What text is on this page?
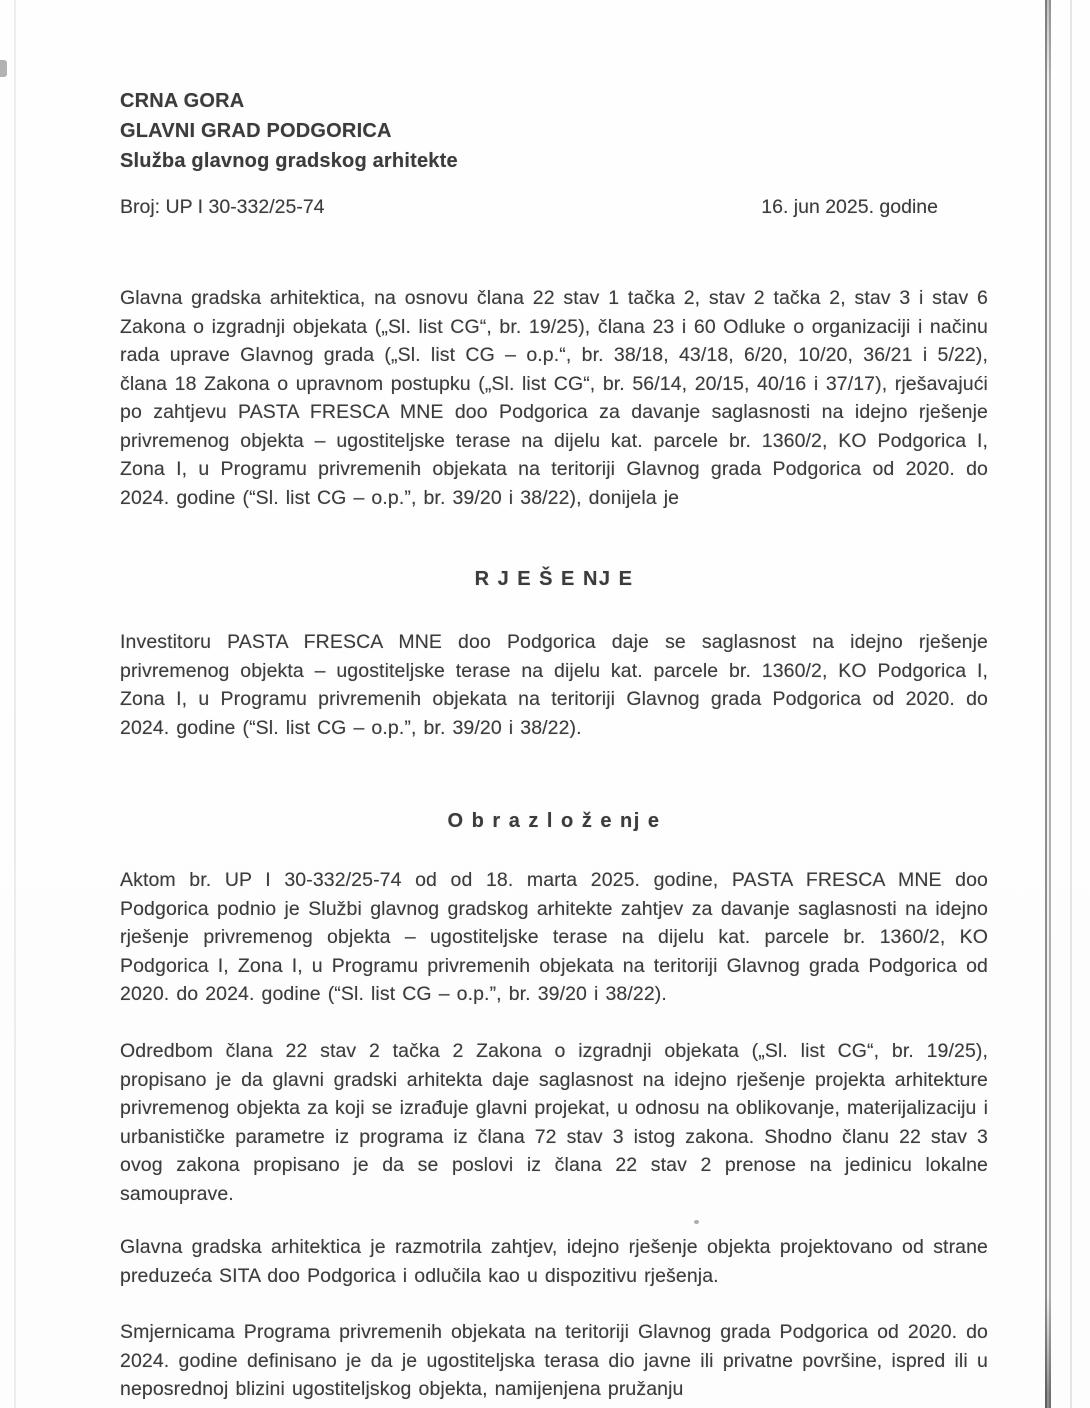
CRNA GORA
GLAVNI GRAD PODGORICA
Služba glavnog gradskog arhitekte
Broj: UP I 30-332/25-74	16. jun 2025. godine

Glavna gradska arhitektica, na osnovu člana 22 stav 1 tačka 2, stav 2 tačka 2, stav 3 i stav 6 Zakona o izgradnji objekata („Sl. list CG“, br. 19/25), člana 23 i 60 Odluke o organizaciji i načinu rada uprave Glavnog grada („Sl. list CG – o.p.“, br. 38/18, 43/18, 6/20, 10/20, 36/21 i 5/22), člana 18 Zakona o upravnom postupku („Sl. list CG“, br. 56/14, 20/15, 40/16 i 37/17), rješavajući po zahtjevu PASTA FRESCA MNE doo Podgorica za davanje saglasnosti na idejno rješenje privremenog objekta – ugostiteljske terase na dijelu kat. parcele br. 1360/2, KO Podgorica I, Zona I, u Programu privremenih objekata na teritoriji Glavnog grada Podgorica od 2020. do 2024. godine (“Sl. list CG – o.p.”, br. 39/20 i 38/22), donijela je

R J E Š E NJ E

Investitoru PASTA FRESCA MNE doo Podgorica daje se saglasnost na idejno rješenje privremenog objekta – ugostiteljske terase na dijelu kat. parcele br. 1360/2, KO Podgorica I, Zona I, u Programu privremenih objekata na teritoriji Glavnog grada Podgorica od 2020. do 2024. godine (“Sl. list CG – o.p.”, br. 39/20 i 38/22).

O b r a z l o ž e nj e

Aktom br. UP I 30-332/25-74 od od 18. marta 2025. godine, PASTA FRESCA MNE doo Podgorica podnio je Službi glavnog gradskog arhitekte zahtjev za davanje saglasnosti na idejno rješenje privremenog objekta – ugostiteljske terase na dijelu kat. parcele br. 1360/2, KO Podgorica I, Zona I, u Programu privremenih objekata na teritoriji Glavnog grada Podgorica od 2020. do 2024. godine (“Sl. list CG – o.p.”, br. 39/20 i 38/22).

Odredbom člana 22 stav 2 tačka 2 Zakona o izgradnji objekata („Sl. list CG“, br. 19/25), propisano je da glavni gradski arhitekta daje saglasnost na idejno rješenje projekta arhitekture privremenog objekta za koji se izrađuje glavni projekat, u odnosu na oblikovanje, materijalizaciju i urbanističke parametre iz programa iz člana 72 stav 3 istog zakona. Shodno članu 22 stav 3 ovog zakona propisano je da se poslovi iz člana 22 stav 2 prenose na jedinicu lokalne samouprave.

Glavna gradska arhitektica je razmotrila zahtjev, idejno rješenje objekta projektovano od strane preduzeća SITA doo Podgorica i odlučila kao u dispozitivu rješenja.

Smjernicama Programa privremenih objekata na teritoriji Glavnog grada Podgorica od 2020. do 2024. godine definisano je da je ugostiteljska terasa dio javne ili privatne površine, ispred ili u neposrednoj blizini ugostiteljskog objekta, namijenjena pružanju
